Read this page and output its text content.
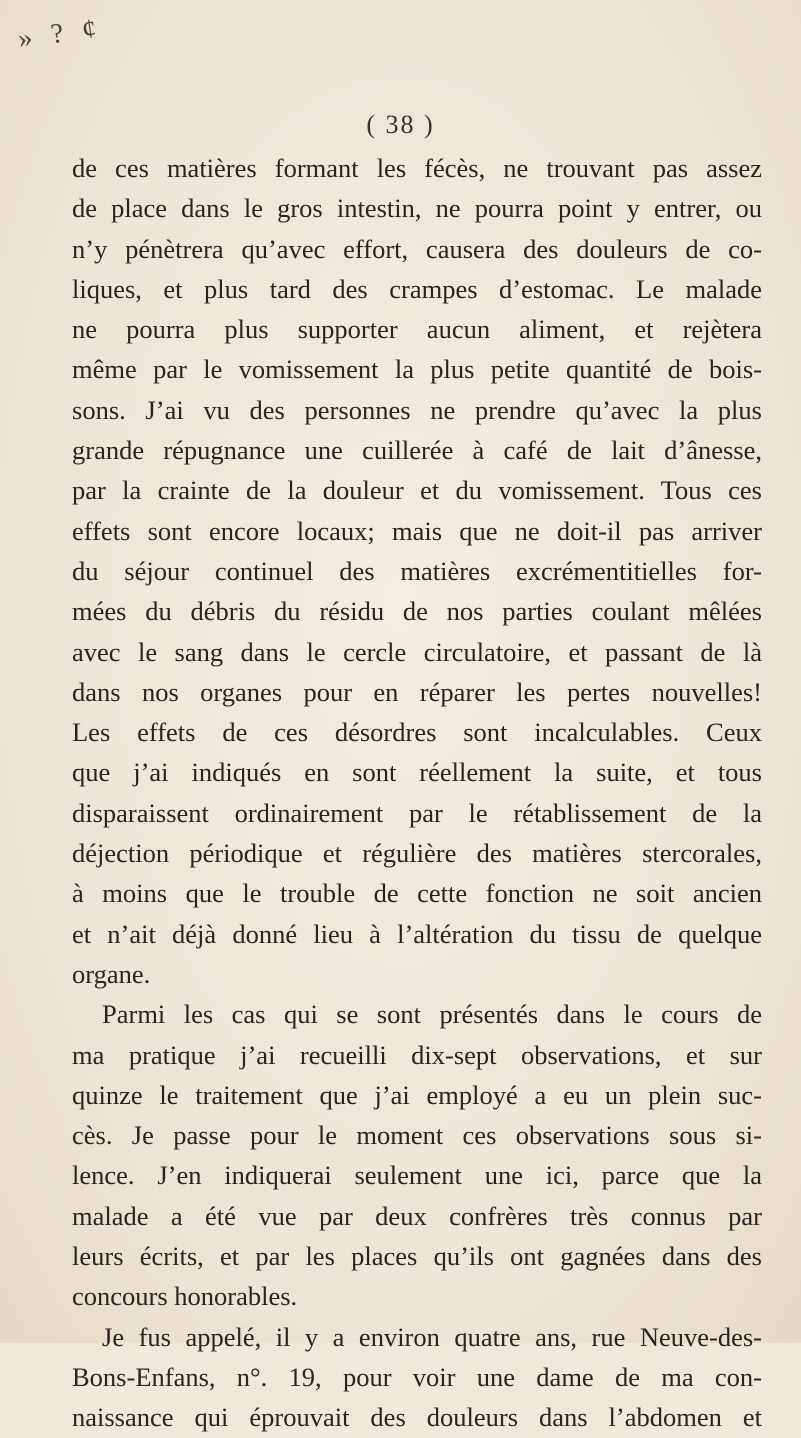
» ? ¢
( 38 )
de ces matières formant les fécès, ne trouvant pas assez
de place dans le gros intestin, ne pourra point y entrer, ou
n’y pénètrera qu’avec effort, causera des douleurs de co-
liques, et plus tard des crampes d’estomac. Le malade
ne pourra plus supporter aucun aliment, et rejètera
même par le vomissement la plus petite quantité de bois-
sons. J’ai vu des personnes ne prendre qu’avec la plus
grande répugnance une cuillerée à café de lait d’ânesse,
par la crainte de la douleur et du vomissement. Tous ces
effets sont encore locaux; mais que ne doit-il pas arriver
du séjour continuel des matières excrémentitielles for-
mées du débris du résidu de nos parties coulant mêlées
avec le sang dans le cercle circulatoire, et passant de là
dans nos organes pour en réparer les pertes nouvelles!
Les effets de ces désordres sont incalculables. Ceux
que j’ai indiqués en sont réellement la suite, et tous
disparaissent ordinairement par le rétablissement de la
déjection périodique et régulière des matières stercorales,
à moins que le trouble de cette fonction ne soit ancien
et n’ait déjà donné lieu à l’altération du tissu de quelque
organe.
Parmi les cas qui se sont présentés dans le cours de
ma pratique j’ai recueilli dix-sept observations, et sur
quinze le traitement que j’ai employé a eu un plein suc-
cès. Je passe pour le moment ces observations sous si-
lence. J’en indiquerai seulement une ici, parce que la
malade a été vue par deux confrères très connus par
leurs écrits, et par les places qu’ils ont gagnées dans des
concours honorables.
Je fus appelé, il y a environ quatre ans, rue Neuve-des-
Bons-Enfans, n°. 19, pour voir une dame de ma con-
naissance qui éprouvait des douleurs dans l’abdomen et
